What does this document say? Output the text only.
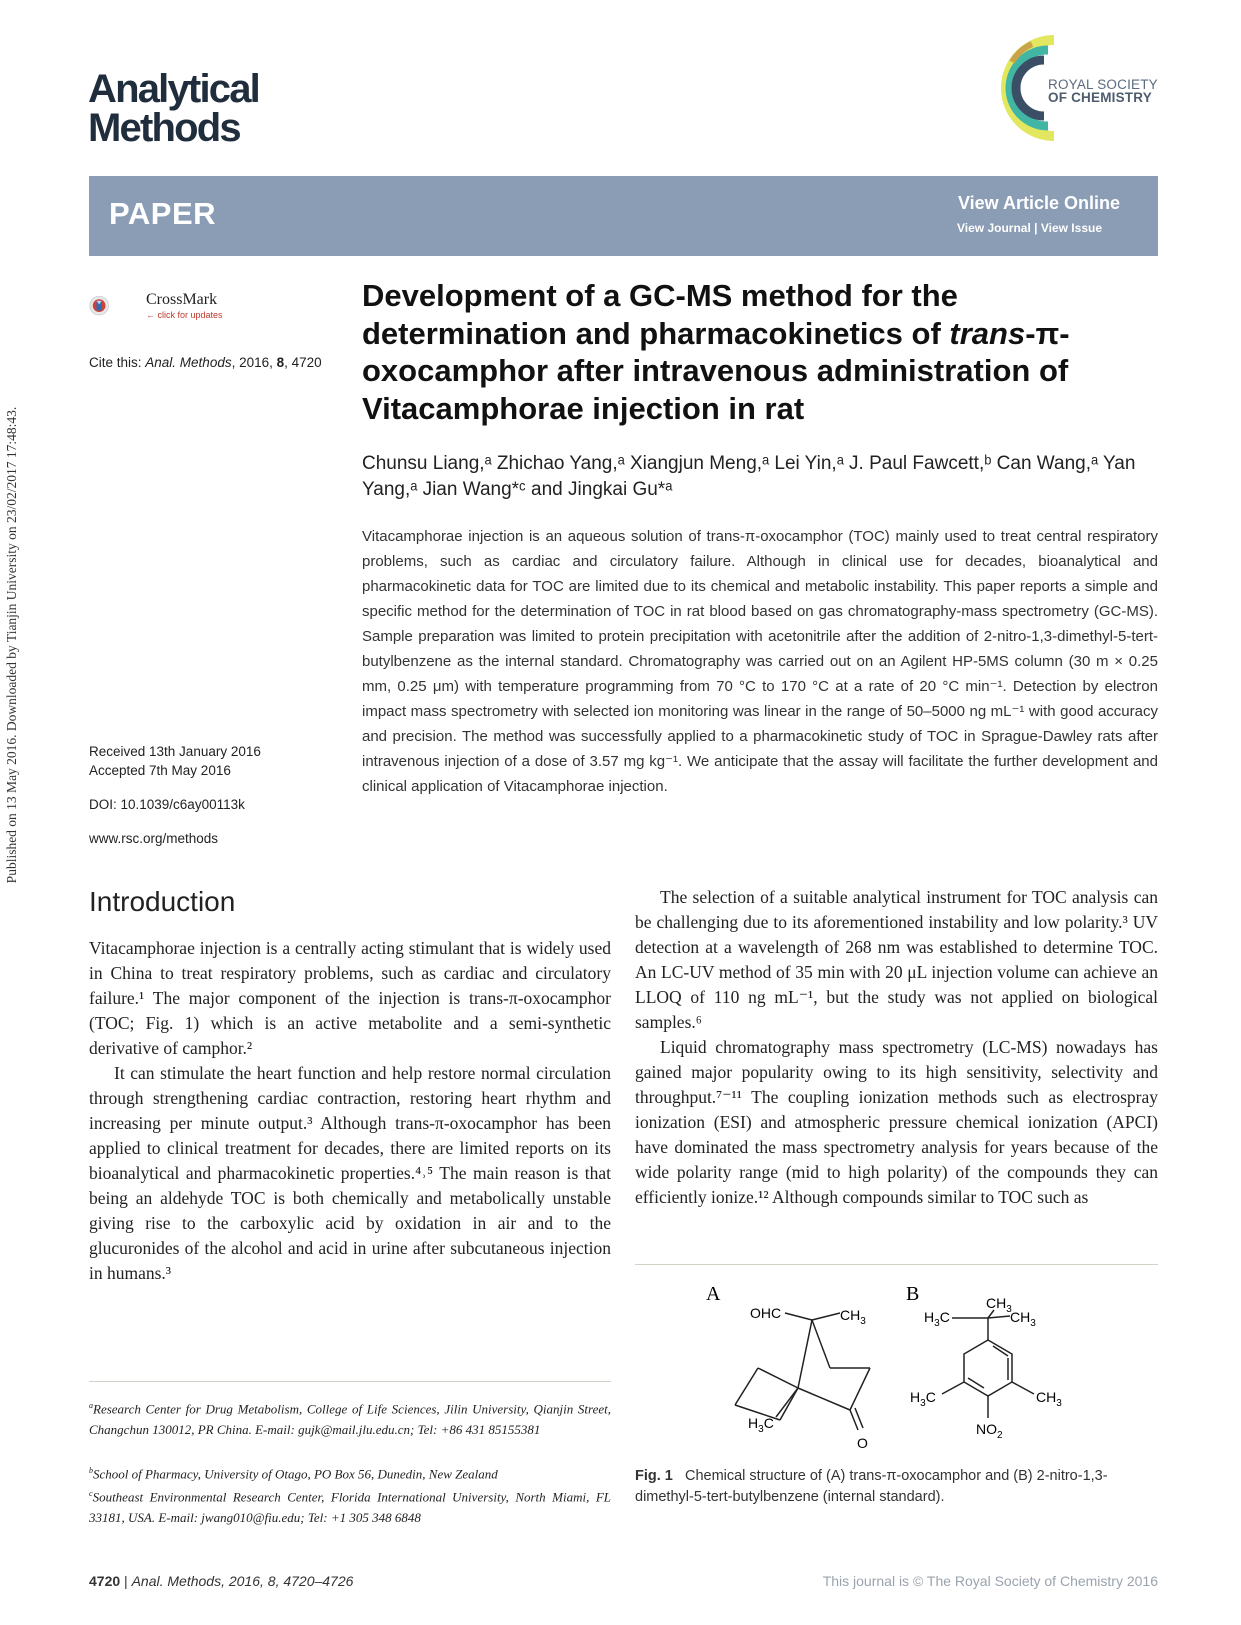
Published on 13 May 2016. Downloaded by Tianjin University on 23/02/2017 17:48:43.
Analytical
Methods
ROYAL SOCIETY
OF CHEMISTRY
PAPER	View Article Online
View Journal | View Issue
CrossMark
← click for updates
Cite this: Anal. Methods, 2016, 8, 4720
Development of a GC-MS method for the determination and pharmacokinetics of trans-π-oxocamphor after intravenous administration of Vitacamphorae injection in rat
Chunsu Liang,ᵃ Zhichao Yang,ᵃ Xiangjun Meng,ᵃ Lei Yin,ᵃ J. Paul Fawcett,ᵇ Can Wang,ᵃ Yan Yang,ᵃ Jian Wang*ᶜ and Jingkai Gu*ᵃ
Vitacamphorae injection is an aqueous solution of trans-π-oxocamphor (TOC) mainly used to treat central respiratory problems, such as cardiac and circulatory failure. Although in clinical use for decades, bioanalytical and pharmacokinetic data for TOC are limited due to its chemical and metabolic instability. This paper reports a simple and specific method for the determination of TOC in rat blood based on gas chromatography-mass spectrometry (GC-MS). Sample preparation was limited to protein precipitation with acetonitrile after the addition of 2-nitro-1,3-dimethyl-5-tert-butylbenzene as the internal standard. Chromatography was carried out on an Agilent HP-5MS column (30 m × 0.25 mm, 0.25 μm) with temperature programming from 70 °C to 170 °C at a rate of 20 °C min⁻¹. Detection by electron impact mass spectrometry with selected ion monitoring was linear in the range of 50–5000 ng mL⁻¹ with good accuracy and precision. The method was successfully applied to a pharmacokinetic study of TOC in Sprague-Dawley rats after intravenous injection of a dose of 3.57 mg kg⁻¹. We anticipate that the assay will facilitate the further development and clinical application of Vitacamphorae injection.
Received 13th January 2016
Accepted 7th May 2016
DOI: 10.1039/c6ay00113k
www.rsc.org/methods
Introduction

Vitacamphorae injection is a centrally acting stimulant that is widely used in China to treat respiratory problems, such as cardiac and circulatory failure.¹ The major component of the injection is trans-π-oxocamphor (TOC; Fig. 1) which is an active metabolite and a semi-synthetic derivative of camphor.²

It can stimulate the heart function and help restore normal circulation through strengthening cardiac contraction, restoring heart rhythm and increasing per minute output.³ Although trans-π-oxocamphor has been applied to clinical treatment for decades, there are limited reports on its bioanalytical and pharmacokinetic properties.⁴˒⁵ The main reason is that being an aldehyde TOC is both chemically and metabolically unstable giving rise to the carboxylic acid by oxidation in air and to the glucuronides of the alcohol and acid in urine after subcutaneous injection in humans.³

The selection of a suitable analytical instrument for TOC analysis can be challenging due to its aforementioned instability and low polarity.³ UV detection at a wavelength of 268 nm was established to determine TOC. An LC-UV method of 35 min with 20 μL injection volume can achieve an LLOQ of 110 ng mL⁻¹, but the study was not applied on biological samples.⁶

Liquid chromatography mass spectrometry (LC-MS) nowadays has gained major popularity owing to its high sensitivity, selectivity and throughput.⁷⁻¹¹ The coupling ionization methods such as electrospray ionization (ESI) and atmospheric pressure chemical ionization (APCI) have dominated the mass spectrometry analysis for years because of the wide polarity range (mid to high polarity) of the compounds they can efficiently ionize.¹² Although compounds similar to TOC such as

$^a$Research Center for Drug Metabolism, College of Life Sciences, Jilin University, Qianjin Street, Changchun 130012, PR China. E-mail: gujk@mail.jlu.edu.cn; Tel: +86 431 85155381
$^b$School of Pharmacy, University of Otago, PO Box 56, Dunedin, New Zealand
$^c$Southeast Environmental Research Center, Florida International University, North Miami, FL 33181, USA. E-mail: jwang010@fiu.edu; Tel: +1 305 348 6848
A
OHC	$CH_3$
O
$H_3C$
B
$H_3C$
$CH_3$
$CH_3$
$H_3C$	$CH_3$
$NO_2$
Fig. 1 Chemical structure of (A) trans-π-oxocamphor and (B) 2-nitro-1,3-dimethyl-5-tert-butylbenzene (internal standard).
4720 | Anal. Methods, 2016, 8, 4720–4726	This journal is © The Royal Society of Chemistry 2016
